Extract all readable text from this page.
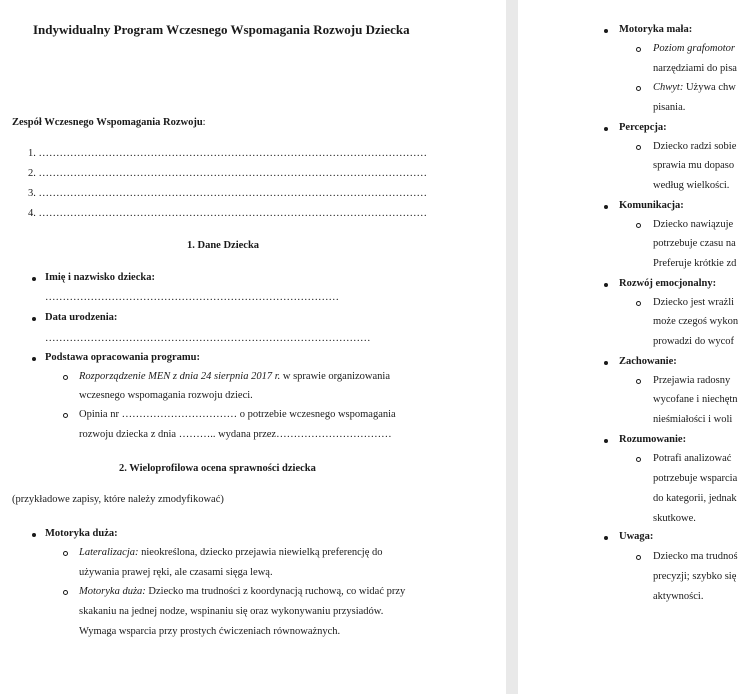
Indywidualny Program Wczesnego Wspomagania Rozwoju Dziecka
Zespół Wczesnego Wspomagania Rozwoju:
1. …………………………………………………………………………………………………
2. …………………………………………………………………………………………………
3. …………………………………………………………………………………………………
4. …………………………………………………………………………………………………
1. Dane Dziecka
Imię i nazwisko dziecka:
…………………………………………………………………………
Data urodzenia:
…………………………………………………………………………………
Podstawa opracowania programu:
Rozporządzenie MEN z dnia 24 sierpnia 2017 r. w sprawie organizowania
wczesnego wspomagania rozwoju dzieci.
Opinia nr …………………………… o potrzebie wczesnego wspomagania
rozwoju dziecka z dnia ……….. wydana przez……………………………
2. Wieloprofilowa ocena sprawności dziecka
(przykładowe zapisy, które należy zmodyfikować)
Motoryka duża:
Lateralizacja: nieokreślona, dziecko przejawia niewielką preferencję do
używania prawej ręki, ale czasami sięga lewą.
Motoryka duża: Dziecko ma trudności z koordynacją ruchową, co widać przy
skakaniu na jednej nodze, wspinaniu się oraz wykonywaniu przysiadów.
Wymaga wsparcia przy prostych ćwiczeniach równoważnych.
Motoryka mała:
Poziom grafomotor
narzędziami do pisa
Chwyt: Używa chw
pisania.
Percepcja:
Dziecko radzi sobie
sprawia mu dopaso
według wielkości.
Komunikacja:
Dziecko nawiązuje
potrzebuje czasu na
Preferuje krótkie zd
Rozwój emocjonalny:
Dziecko jest wrażli
może czegoś wykon
prowadzi do wycof
Zachowanie:
Przejawia radosny
wycofane i niechętn
nieśmiałości i woli
Rozumowanie:
Potrafi analizować
potrzebuje wsparcia
do kategorii, jednak
skutkowe.
Uwaga:
Dziecko ma trudnoś
precyzji; szybko się
aktywności.
